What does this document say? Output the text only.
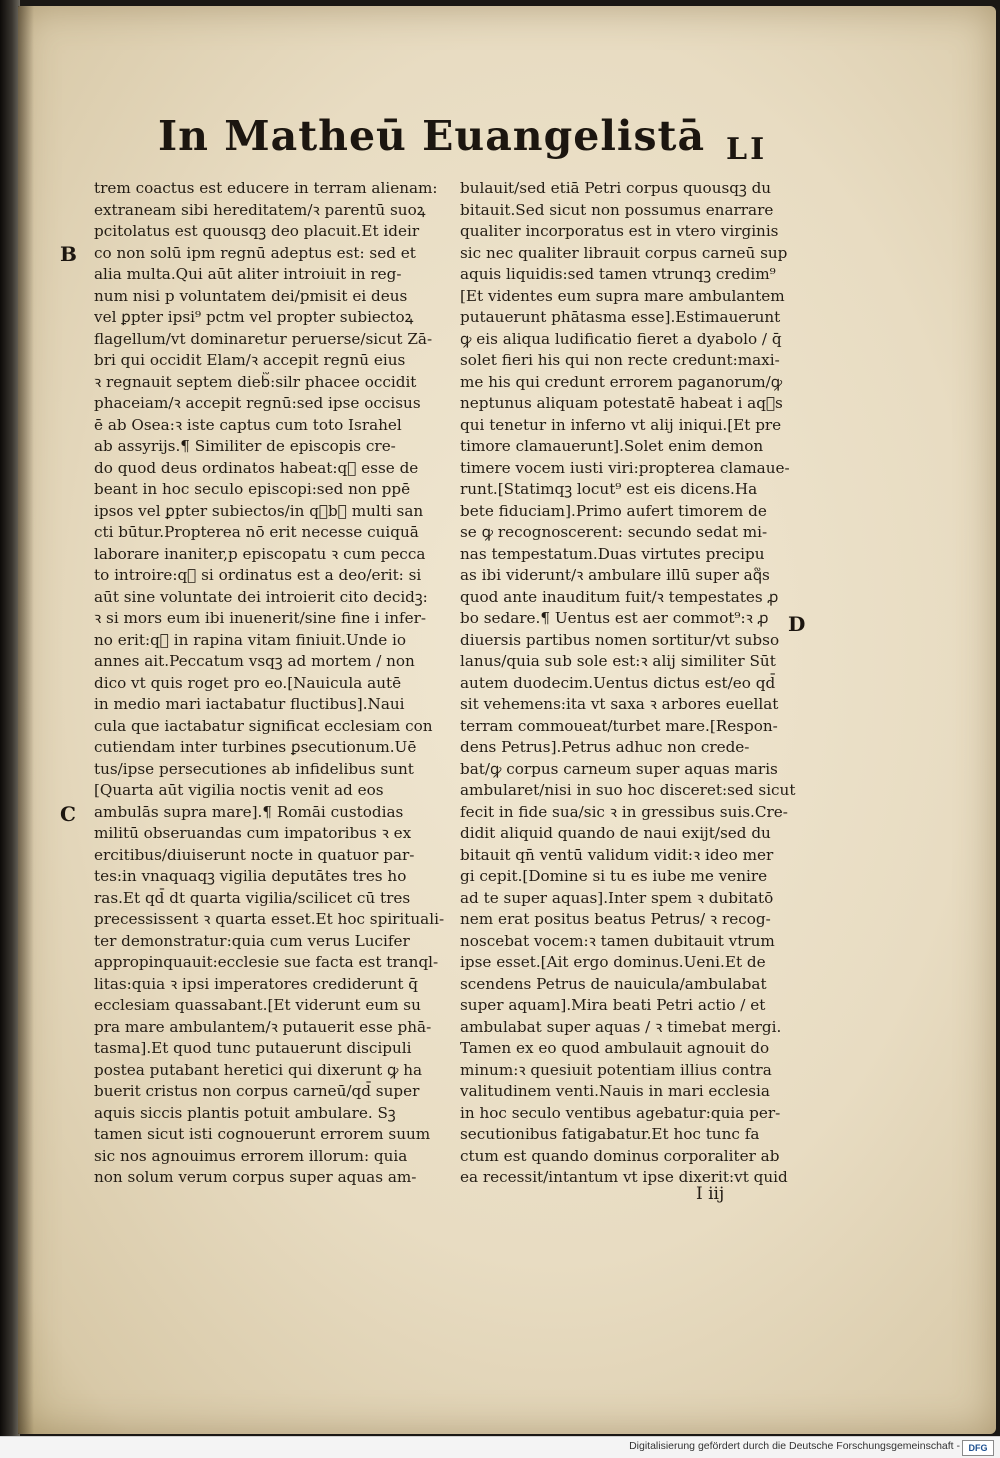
In Matheū Euangelistā LI
B
C
D
trem coactus est educere in terram alienam:
extraneam sibi hereditatem/ꝛ parentū suoꝝ
pcitolatus est quousqꝫ deo placuit.Et ideir
co non solū ipm regnū adeptus est: sed et
alia multa.Qui aūt aliter introiuit in reg-
num nisi p voluntatem dei/pmisit ei deus
vel ꝑpter ipsi⁹ pctm vel propter subiectoꝝ
flagellum/vt dominaretur peruerse/sicut Zā-
bri qui occidit Elam/ꝛ accepit regnū eius
ꝛ regnauit septem dieb᷑:silr phacee occidit
phaceiam/ꝛ accepit regnū:sed ipse occisus
ē ab Osea:ꝛ iste captus cum toto Israhel
ab assyrijs.¶ Similiter de episcopis cre-
do quod deus ordinatos habeat:q᷑ esse de
beant in hoc seculo episcopi:sed non ppē
ipsos vel ꝑpter subiectos/in q᷑b᷒ multi san
cti būtur.Propterea nō erit necesse cuiquā
laborare inaniter,p episcopatu ꝛ cum pecca
to introire:q᷑ si ordinatus est a deo/erit: si
aūt sine voluntate dei introierit cito decidꝫ:
ꝛ si mors eum ibi inuenerit/sine fine i infer-
no erit:q᷑ in rapina vitam finiuit.Unde io
annes ait.Peccatum vsqꝫ ad mortem / non
dico vt quis roget pro eo.[Nauicula autē
in medio mari iactabatur fluctibus].Naui
cula que iactabatur significat ecclesiam con
cutiendam inter turbines ꝑsecutionum.Uē
tus/ipse persecutiones ab infidelibus sunt
[Quarta aūt vigilia noctis venit ad eos
ambulās supra mare].¶ Romāi custodias
militū obseruandas cum impatoribus ꝛ ex
ercitibus/diuiserunt nocte in quatuor par-
tes:in vnaquaqꝫ vigilia deputātes tres ho
ras.Et qd̄ dt quarta vigilia/scilicet cū tres
precessissent ꝛ quarta esset.Et hoc spirituali-
ter demonstratur:quia cum verus Lucifer
appropinquauit:ecclesie sue facta est tranql-
litas:quia ꝛ ipsi imperatores crediderunt q̄
ecclesiam quassabant.[Et viderunt eum su
pra mare ambulantem/ꝛ putauerit esse phā-
tasma].Et quod tunc putauerunt discipuli
postea putabant heretici qui dixerunt ꝙ ha
buerit cristus non corpus carneū/qd̄ super
aquis siccis plantis potuit ambulare. Sꝫ
tamen sicut isti cognouerunt errorem suum
sic nos agnouimus errorem illorum: quia
non solum verum corpus super aquas am-
bulauit/sed etiā Petri corpus quousqꝫ du
bitauit.Sed sicut non possumus enarrare
qualiter incorporatus est in vtero virginis
sic nec qualiter librauit corpus carneū sup
aquis liquidis:sed tamen vtrunqꝫ credim⁹
[Et videntes eum supra mare ambulantem
putauerunt phātasma esse].Estimauerunt
ꝙ eis aliqua ludificatio fieret a dyabolo / q̄
solet fieri his qui non recte credunt:maxi-
me his qui credunt errorem paganorum/ꝙ
neptunus aliquam potestatē habeat i aq᷑s
qui tenetur in inferno vt alij iniqui.[Et pre
timore clamauerunt].Solet enim demon
timere vocem iusti viri:propterea clamaue-
runt.[Statimqꝫ locut⁹ est eis dicens.Ha
bete fiduciam].Primo aufert timorem de
se ꝙ recognoscerent: secundo sedat mi-
nas tempestatum.Duas virtutes precipu
as ibi viderunt/ꝛ ambulare illū super aq᷑s
quod ante inauditum fuit/ꝛ tempestates ꝓ
bo sedare.¶ Uentus est aer commot⁹:ꝛ ꝓ
diuersis partibus nomen sortitur/vt subso
lanus/quia sub sole est:ꝛ alij similiter Sūt
autem duodecim.Uentus dictus est/eo qd̄
sit vehemens:ita vt saxa ꝛ arbores euellat
terram commoueat/turbet mare.[Respon-
dens Petrus].Petrus adhuc non crede-
bat/ꝙ corpus carneum super aquas maris
ambularet/nisi in suo hoc disceret:sed sicut
fecit in fide sua/sic ꝛ in gressibus suis.Cre-
didit aliquid quando de naui exijt/sed du
bitauit qn̄ ventū validum vidit:ꝛ ideo mer
gi cepit.[Domine si tu es iube me venire
ad te super aquas].Inter spem ꝛ dubitatō
nem erat positus beatus Petrus/ ꝛ recog-
noscebat vocem:ꝛ tamen dubitauit vtrum
ipse esset.[Ait ergo dominus.Ueni.Et de
scendens Petrus de nauicula/ambulabat
super aquam].Mira beati Petri actio / et
ambulabat super aquas / ꝛ timebat mergi.
Tamen ex eo quod ambulauit agnouit do
minum:ꝛ quesiuit potentiam illius contra
valitudinem venti.Nauis in mari ecclesia
in hoc seculo ventibus agebatur:quia per-
secutionibus fatigabatur.Et hoc tunc fa
ctum est quando dominus corporaliter ab
ea recessit/intantum vt ipse dixerit:vt quid
I iij
Digitalisierung gefördert durch die Deutsche Forschungsgemeinschaft - DFG
